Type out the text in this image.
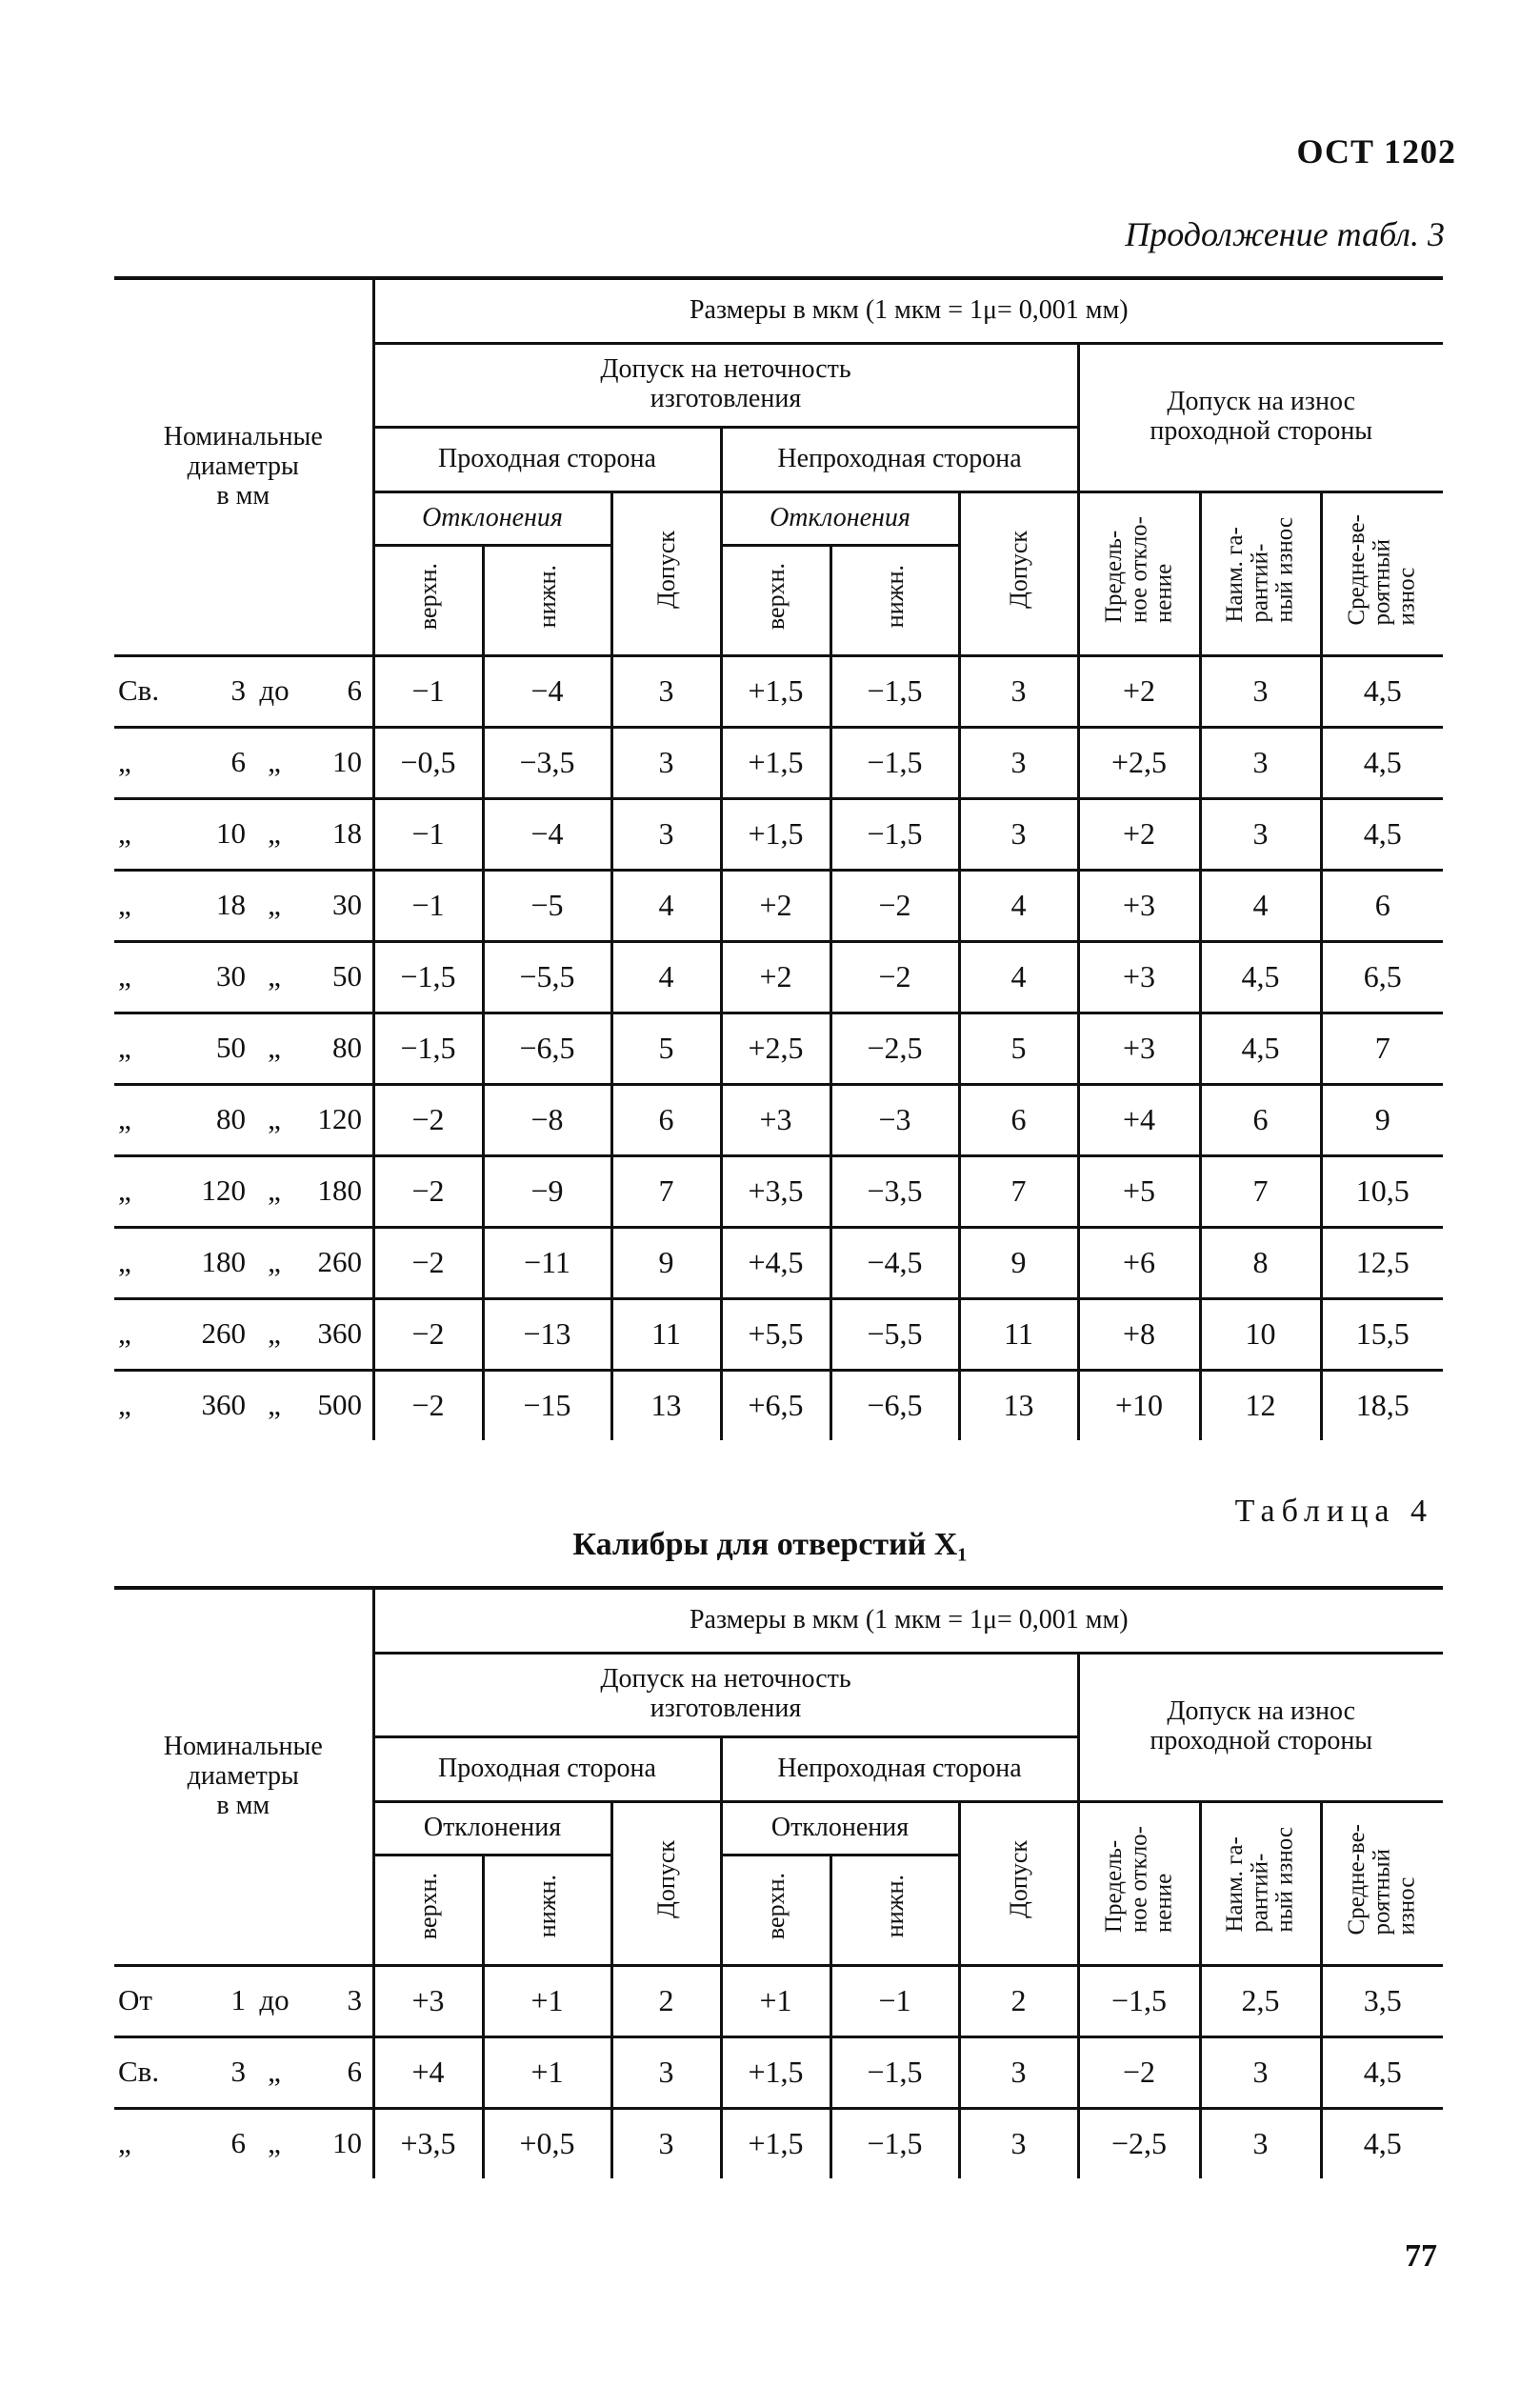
ОСТ 1202
Продолжение табл. 3
Номинальные
диаметры
в мм	Размеры в мкм (1 мкм = 1μ= 0,001 мм)								
	Допуск на неточность
изготовления						Допуск на износ
проходной стороны		
	Проходная сторона			Непроходная сторона					
	Отклонения		Допуск	Отклонения		Допуск	Предель-
ное откло-
нение	Наим. га-
рантий-
ный износ	Средне-ве-
роятный
износ
	верхн.	нижн.		верхн.	нижн.				
Св. 3 до 6	−1	−4	3	+1,5	−1,5	3	+2	3	4,5
„ 6 „ 10	−0,5	−3,5	3	+1,5	−1,5	3	+2,5	3	4,5
„ 10 „ 18	−1	−4	3	+1,5	−1,5	3	+2	3	4,5
„ 18 „ 30	−1	−5	4	+2	−2	4	+3	4	6
„ 30 „ 50	−1,5	−5,5	4	+2	−2	4	+3	4,5	6,5
„ 50 „ 80	−1,5	−6,5	5	+2,5	−2,5	5	+3	4,5	7
„ 80 „ 120	−2	−8	6	+3	−3	6	+4	6	9
„ 120 „ 180	−2	−9	7	+3,5	−3,5	7	+5	7	10,5
„ 180 „ 260	−2	−11	9	+4,5	−4,5	9	+6	8	12,5
„ 260 „ 360	−2	−13	11	+5,5	−5,5	11	+8	10	15,5
„ 360 „ 500	−2	−15	13	+6,5	−6,5	13	+10	12	18,5
Таблица 4
Калибры для отверстий X₁
Номинальные
диаметры
в мм	Размеры в мкм (1 мкм = 1μ= 0,001 мм)								
	Допуск на неточность
изготовления						Допуск на износ
проходной стороны		
	Проходная сторона			Непроходная сторона					
	Отклонения		Допуск	Отклонения		Допуск	Предель-
ное откло-
нение	Наим. га-
рантий-
ный износ	Средне-ве-
роятный
износ
	верхн.	нижн.		верхн.	нижн.				
От 1 до 3	+3	+1	2	+1	−1	2	−1,5	2,5	3,5
Св. 3 „ 6	+4	+1	3	+1,5	−1,5	3	−2	3	4,5
„ 6 „ 10	+3,5	+0,5	3	+1,5	−1,5	3	−2,5	3	4,5
77
